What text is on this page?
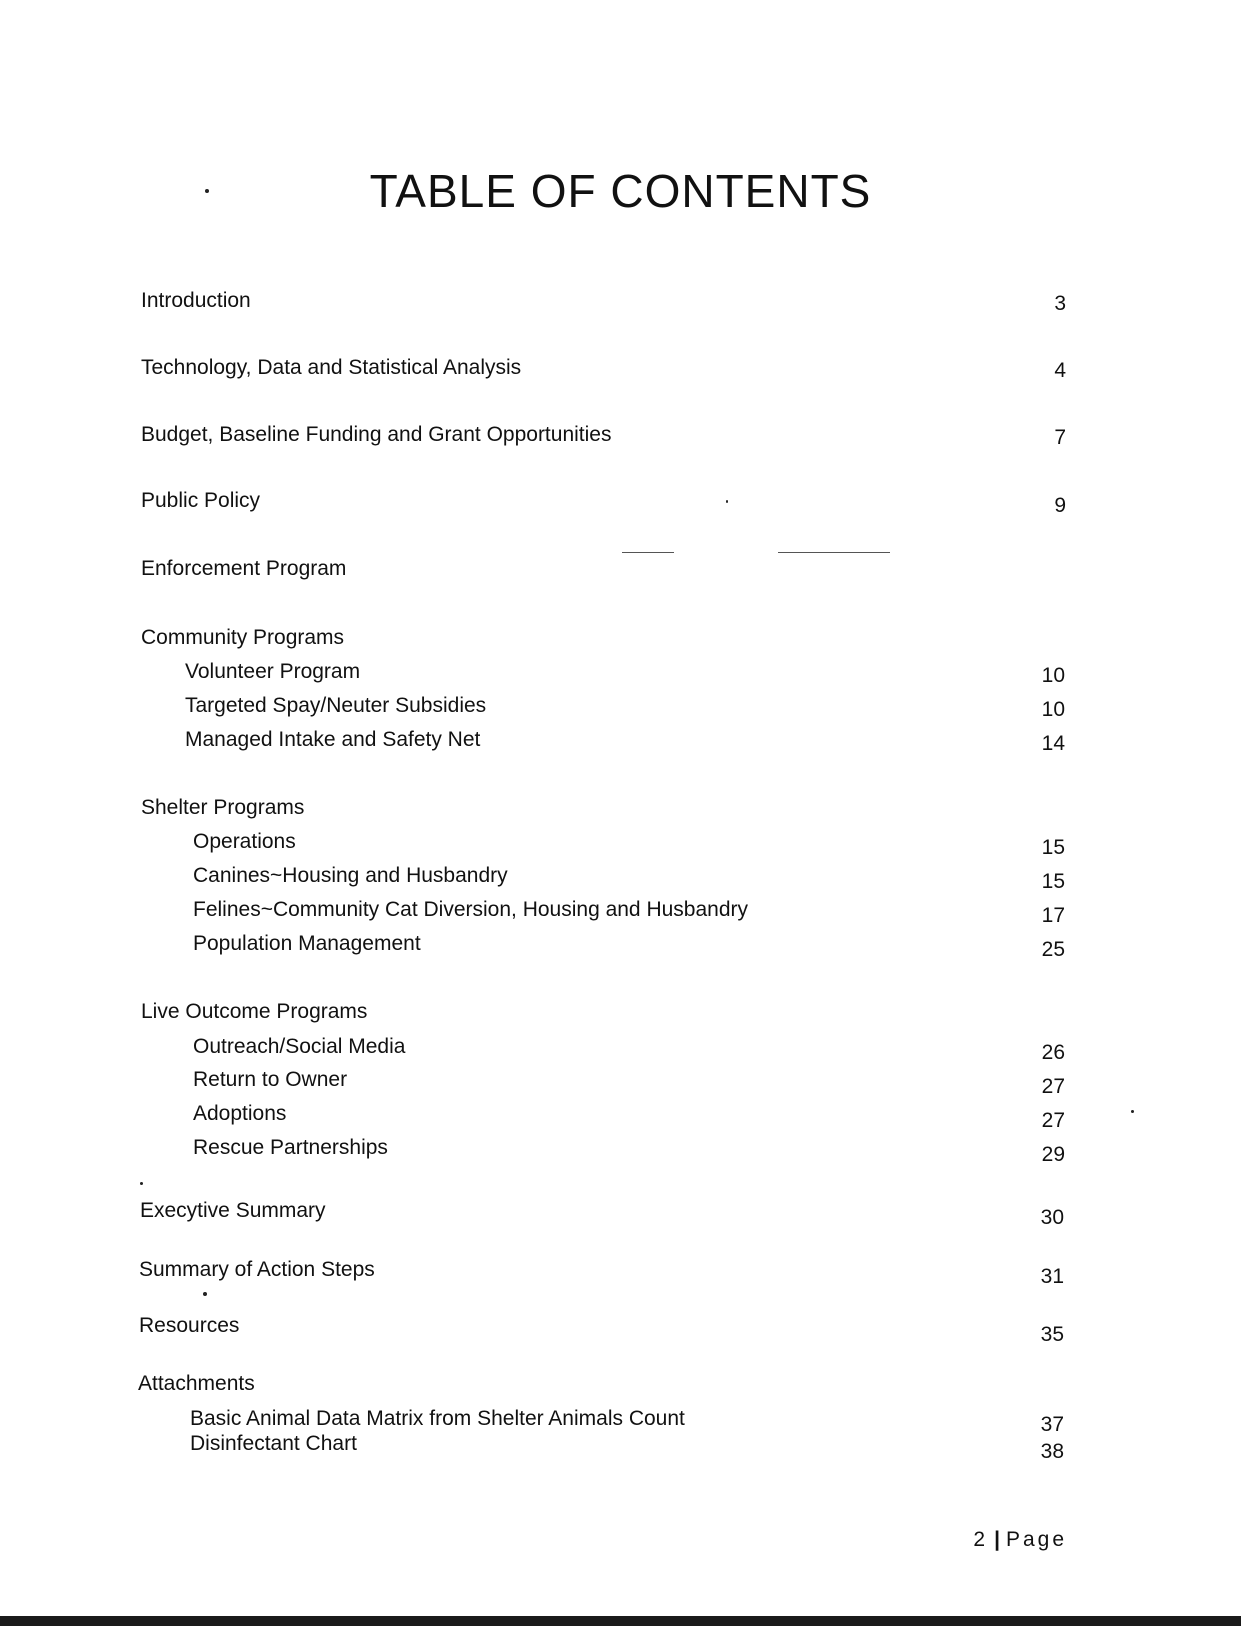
TABLE OF CONTENTS
Introduction	3
Technology, Data and Statistical Analysis	4
Budget, Baseline Funding and Grant Opportunities	7
Public Policy	9
Enforcement Program
Community Programs
Volunteer Program	10
Targeted Spay/Neuter Subsidies	10
Managed Intake and Safety Net	14
Shelter Programs
Operations	15
Canines~Housing and Husbandry	15
Felines~Community Cat Diversion, Housing and Husbandry	17
Population Management	25
Live Outcome Programs
Outreach/Social Media	26
Return to Owner	27
Adoptions	27
Rescue Partnerships	29
Execytive Summary	30
Summary of Action Steps	31
Resources	35
Attachments
Basic Animal Data Matrix from Shelter Animals Count	37
Disinfectant Chart	38
2 | Page
